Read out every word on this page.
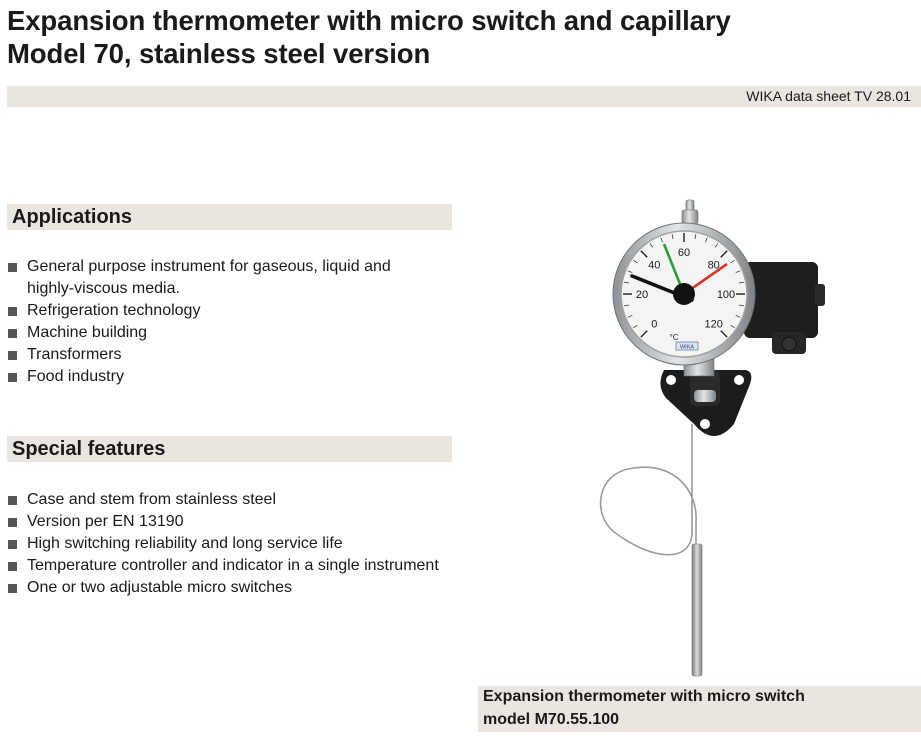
Expansion thermometer with micro switch and capillary
Model 70, stainless steel version
WIKA data sheet TV 28.01
Applications
General purpose instrument for gaseous, liquid and
highly-viscous media.
Refrigeration technology
Machine building
Transformers
Food industry
Special features
Case and stem from stainless steel
Version per EN 13190
High switching reliability and long service life
Temperature controller and indicator in a single instrument
One or two adjustable micro switches
0
20
40
60
80
100
120
°C
WIKA
Expansion thermometer with micro switch
model M70.55.100
